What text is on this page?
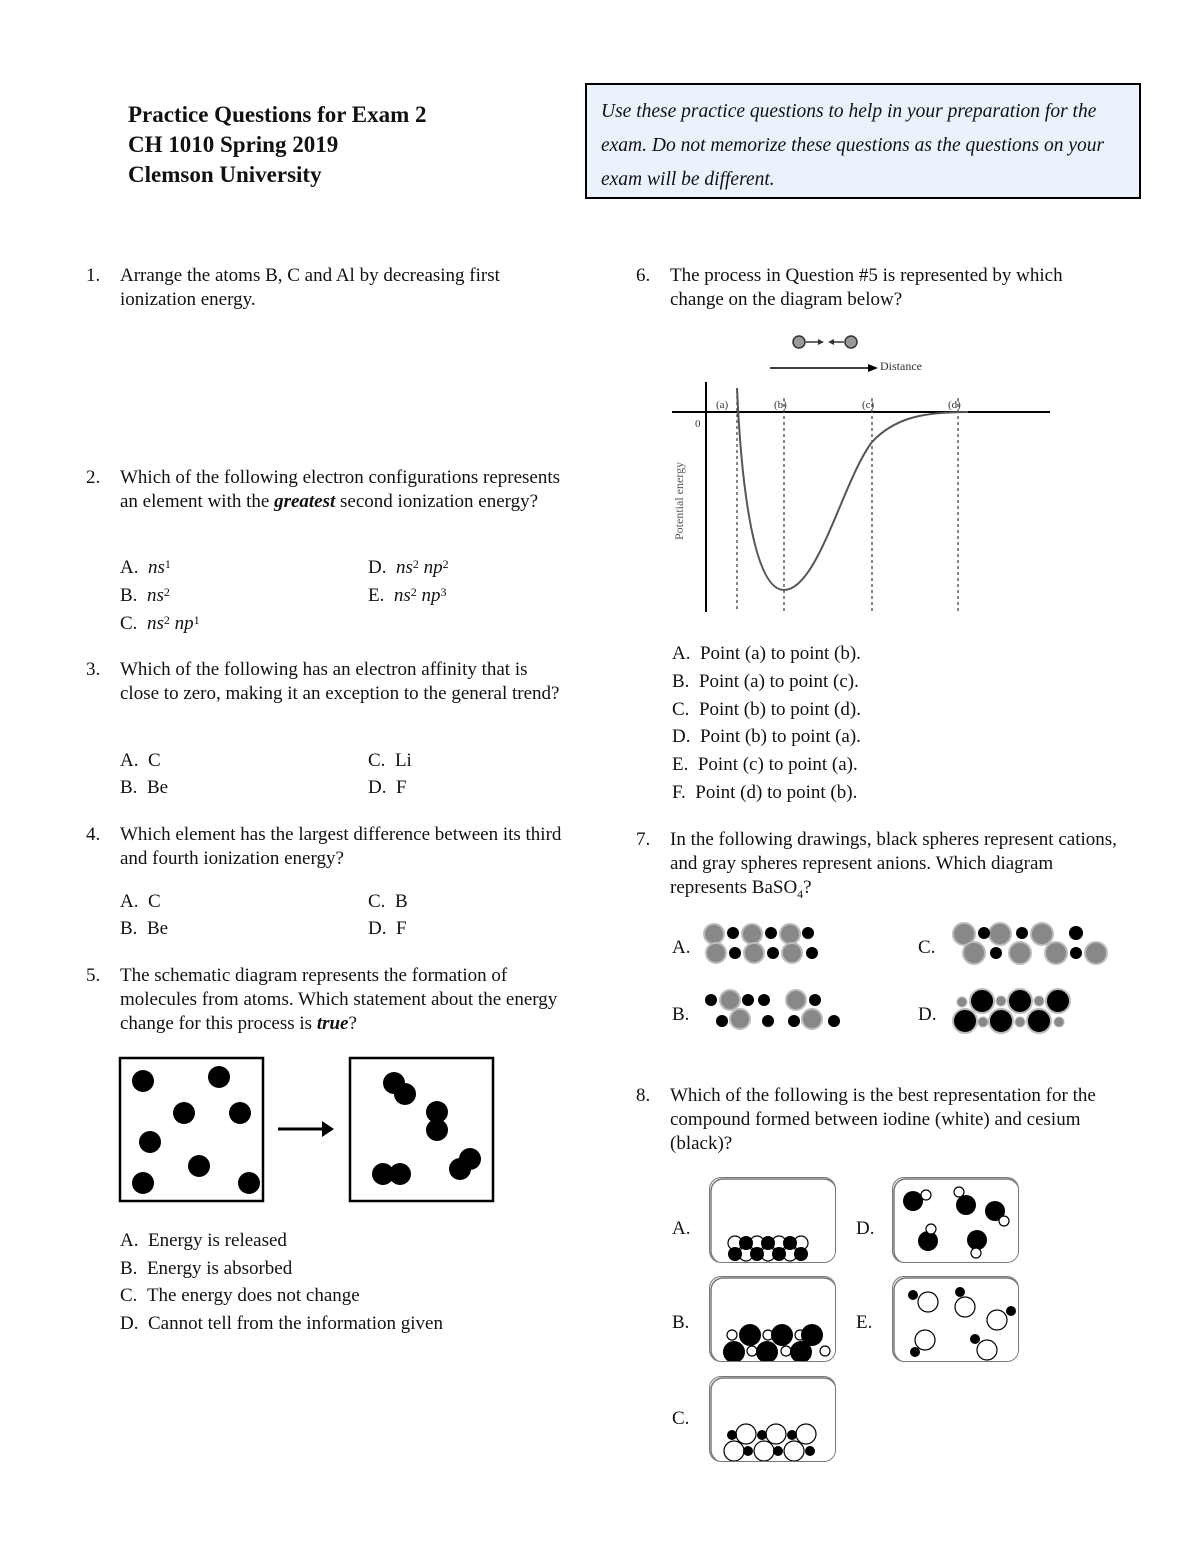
Practice Questions for Exam 2
CH 1010 Spring 2019
Clemson University
Use these practice questions to help in your preparation for the exam. Do not memorize these questions as the questions on your exam will be different.
1. Arrange the atoms B, C and Al by decreasing first ionization energy.
2. Which of the following electron configurations represents an element with the greatest second ionization energy?
A. $ns^1$
B. $ns^2$
C. $ns^2$ $np^1$
D. $ns^2$ $np^2$
E. $ns^2$ $np^3$
3. Which of the following has an electron affinity that is close to zero, making it an exception to the general trend?
A. C
B. Be
C. Li
D. F
4. Which element has the largest difference between its third and fourth ionization energy?
A. C
B. Be
C. B
D. F
5. The schematic diagram represents the formation of molecules from atoms. Which statement about the energy change for this process is true?
A. Energy is released
B. Energy is absorbed
C. The energy does not change
D. Cannot tell from the information given
6. The process in Question #5 is represented by which change on the diagram below?
Distance
0
Potential energy
(a)	(b)	(c)	(d)
A. Point (a) to point (b).
B. Point (a) to point (c).
C. Point (b) to point (d).
D. Point (b) to point (a).
E. Point (c) to point (a).
F. Point (d) to point (b).
7. In the following drawings, black spheres represent cations, and gray spheres represent anions. Which diagram represents BaSO$_4$?
A.
B.
C.
D.
8. Which of the following is the best representation for the compound formed between iodine (white) and cesium (black)?
A.
B.
C.
D.
E.
